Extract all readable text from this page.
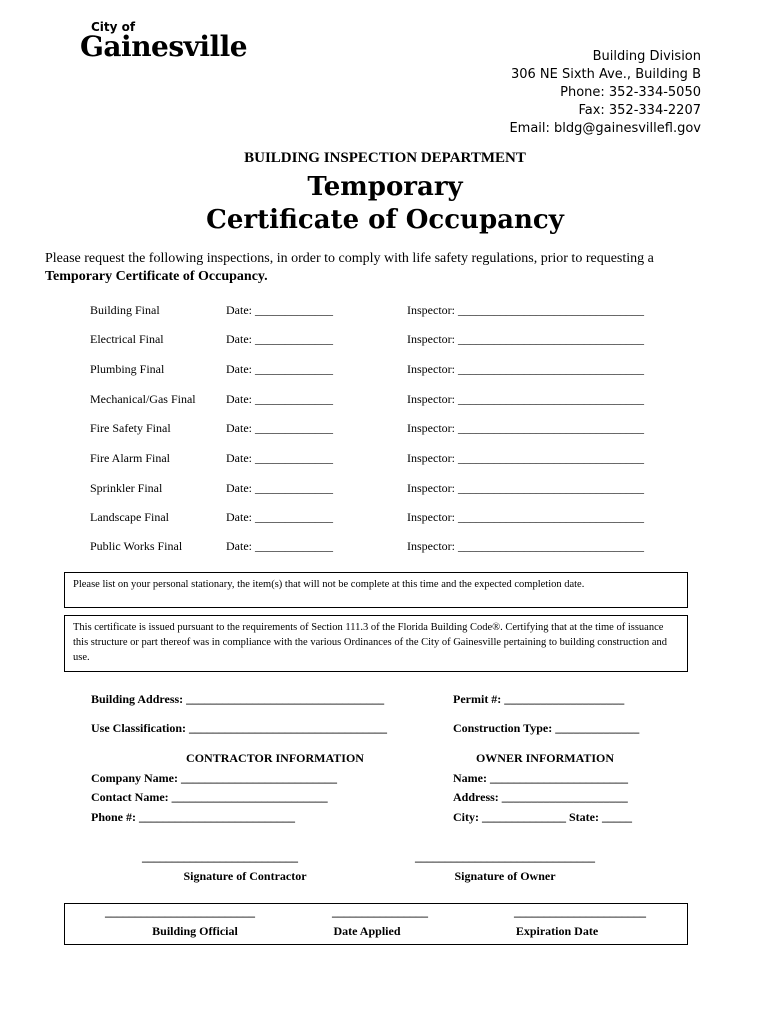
City of
Gainesville	Building Division
306 NE Sixth Ave., Building B
Phone: 352-334-5050
Fax: 352-334-2207
Email: bldg@gainesvillefl.gov
BUILDING INSPECTION DEPARTMENT
Temporary
Certificate of Occupancy
Please request the following inspections, in order to comply with life safety regulations, prior to requesting a
Temporary Certificate of Occupancy.
Building Final	Date: _____________	Inspector: _______________________________
Electrical Final	Date: _____________	Inspector: _______________________________
Plumbing Final	Date: _____________	Inspector: _______________________________
Mechanical/Gas Final	Date: _____________	Inspector: _______________________________
Fire Safety Final	Date: _____________	Inspector: _______________________________
Fire Alarm Final	Date: _____________	Inspector: _______________________________
Sprinkler Final	Date: _____________	Inspector: _______________________________
Landscape Final	Date: _____________	Inspector: _______________________________
Public Works Final	Date: _____________	Inspector: _______________________________
Please list on your personal stationary, the item(s) that will not be complete at this time and the expected completion date.
This certificate is issued pursuant to the requirements of Section 111.3 of the Florida Building Code®. Certifying that at the time of issuance this structure or part thereof was in compliance with the various Ordinances of the City of Gainesville pertaining to building construction and use.
Building Address: _________________________________	Permit #: ____________________
Use Classification: _________________________________	Construction Type: ______________
CONTRACTOR INFORMATION	OWNER INFORMATION
Company Name: __________________________
Contact Name: __________________________
Phone #: __________________________
Name: _______________________
Address: _____________________
City: ______________ State: _____
__________________________
Signature of Contractor
______________________________
Signature of Owner
_________________________
Building Official
________________
Date Applied
______________________
Expiration Date
